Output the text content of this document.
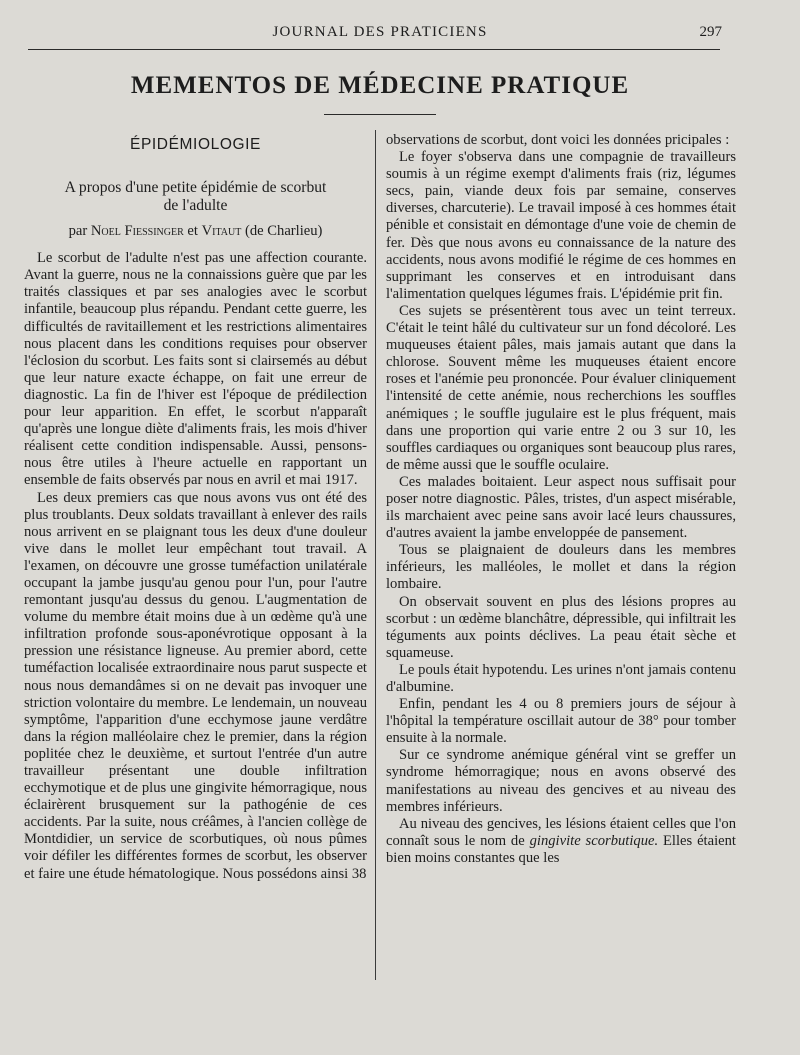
JOURNAL DES PRATICIENS	297
MEMENTOS DE MÉDECINE PRATIQUE
ÉPIDÉMIOLOGIE
A propos d'une petite épidémie de scorbut
de l'adulte
par Noel Fiessinger et Vitaut (de Charlieu)

Le scorbut de l'adulte n'est pas une affection courante. Avant la guerre, nous ne la connaissions guère que par les traités classiques et par ses analogies avec le scorbut infantile, beaucoup plus répandu. Pendant cette guerre, les difficultés de ravitaillement et les restrictions alimentaires nous placent dans les conditions requises pour observer l'éclosion du scorbut. Les faits sont si clairsemés au début que leur nature exacte échappe, on fait une erreur de diagnostic. La fin de l'hiver est l'époque de prédilection pour leur apparition. En effet, le scorbut n'apparaît qu'après une longue diète d'aliments frais, les mois d'hiver réalisent cette condition indispensable. Aussi, pensons-nous être utiles à l'heure actuelle en rapportant un ensemble de faits observés par nous en avril et mai 1917.

Les deux premiers cas que nous avons vus ont été des plus troublants. Deux soldats travaillant à enlever des rails nous arrivent en se plaignant tous les deux d'une douleur vive dans le mollet leur empêchant tout travail. A l'examen, on découvre une grosse tuméfaction unilatérale occupant la jambe jusqu'au genou pour l'un, pour l'autre remontant jusqu'au dessus du genou. L'augmentation de volume du membre était moins due à un œdème qu'à une infiltration profonde sous-aponévrotique opposant à la pression une résistance ligneuse. Au premier abord, cette tuméfaction localisée extraordinaire nous parut suspecte et nous nous demandâmes si on ne devait pas invoquer une striction volontaire du membre. Le lendemain, un nouveau symptôme, l'apparition d'une ecchymose jaune verdâtre dans la région malléolaire chez le premier, dans la région poplitée chez le deuxième, et surtout l'entrée d'un autre travailleur présentant une double infiltration ecchymotique et de plus une gingivite hémorragique, nous éclairèrent brusquement sur la pathogénie de ces accidents. Par la suite, nous créâmes, à l'ancien collège de Montdidier, un service de scorbutiques, où nous pûmes voir défiler les différentes formes de scorbut, les observer et faire une étude hématologique. Nous possédons ainsi 38

observations de scorbut, dont voici les données pricipales :

Le foyer s'observa dans une compagnie de travailleurs soumis à un régime exempt d'aliments frais (riz, légumes secs, pain, viande deux fois par semaine, conserves diverses, charcuterie). Le travail imposé à ces hommes était pénible et consistait en démontage d'une voie de chemin de fer. Dès que nous avons eu connaissance de la nature des accidents, nous avons modifié le régime de ces hommes en supprimant les conserves et en introduisant dans l'alimentation quelques légumes frais. L'épidémie prit fin.

Ces sujets se présentèrent tous avec un teint terreux. C'était le teint hâlé du cultivateur sur un fond décoloré. Les muqueuses étaient pâles, mais jamais autant que dans la chlorose. Souvent même les muqueuses étaient encore roses et l'anémie peu prononcée. Pour évaluer cliniquement l'intensité de cette anémie, nous recherchions les souffles anémiques ; le souffle jugulaire est le plus fréquent, mais dans une proportion qui varie entre 2 ou 3 sur 10, les souffles cardiaques ou organiques sont beaucoup plus rares, de même aussi que le souffle oculaire.

Ces malades boitaient. Leur aspect nous suffisait pour poser notre diagnostic. Pâles, tristes, d'un aspect misérable, ils marchaient avec peine sans avoir lacé leurs chaussures, d'autres avaient la jambe enveloppée de pansement.

Tous se plaignaient de douleurs dans les membres inférieurs, les malléoles, le mollet et dans la région lombaire.

On observait souvent en plus des lésions propres au scorbut : un œdème blanchâtre, dépressible, qui infiltrait les téguments aux points déclives. La peau était sèche et squameuse.

Le pouls était hypotendu. Les urines n'ont jamais contenu d'albumine.

Enfin, pendant les 4 ou 8 premiers jours de séjour à l'hôpital la température oscillait autour de 38° pour tomber ensuite à la normale.

Sur ce syndrome anémique général vint se greffer un syndrome hémorragique; nous en avons observé des manifestations au niveau des gencives et au niveau des membres inférieurs.

Au niveau des gencives, les lésions étaient celles que l'on connaît sous le nom de gingivite scorbutique. Elles étaient bien moins constantes que les
